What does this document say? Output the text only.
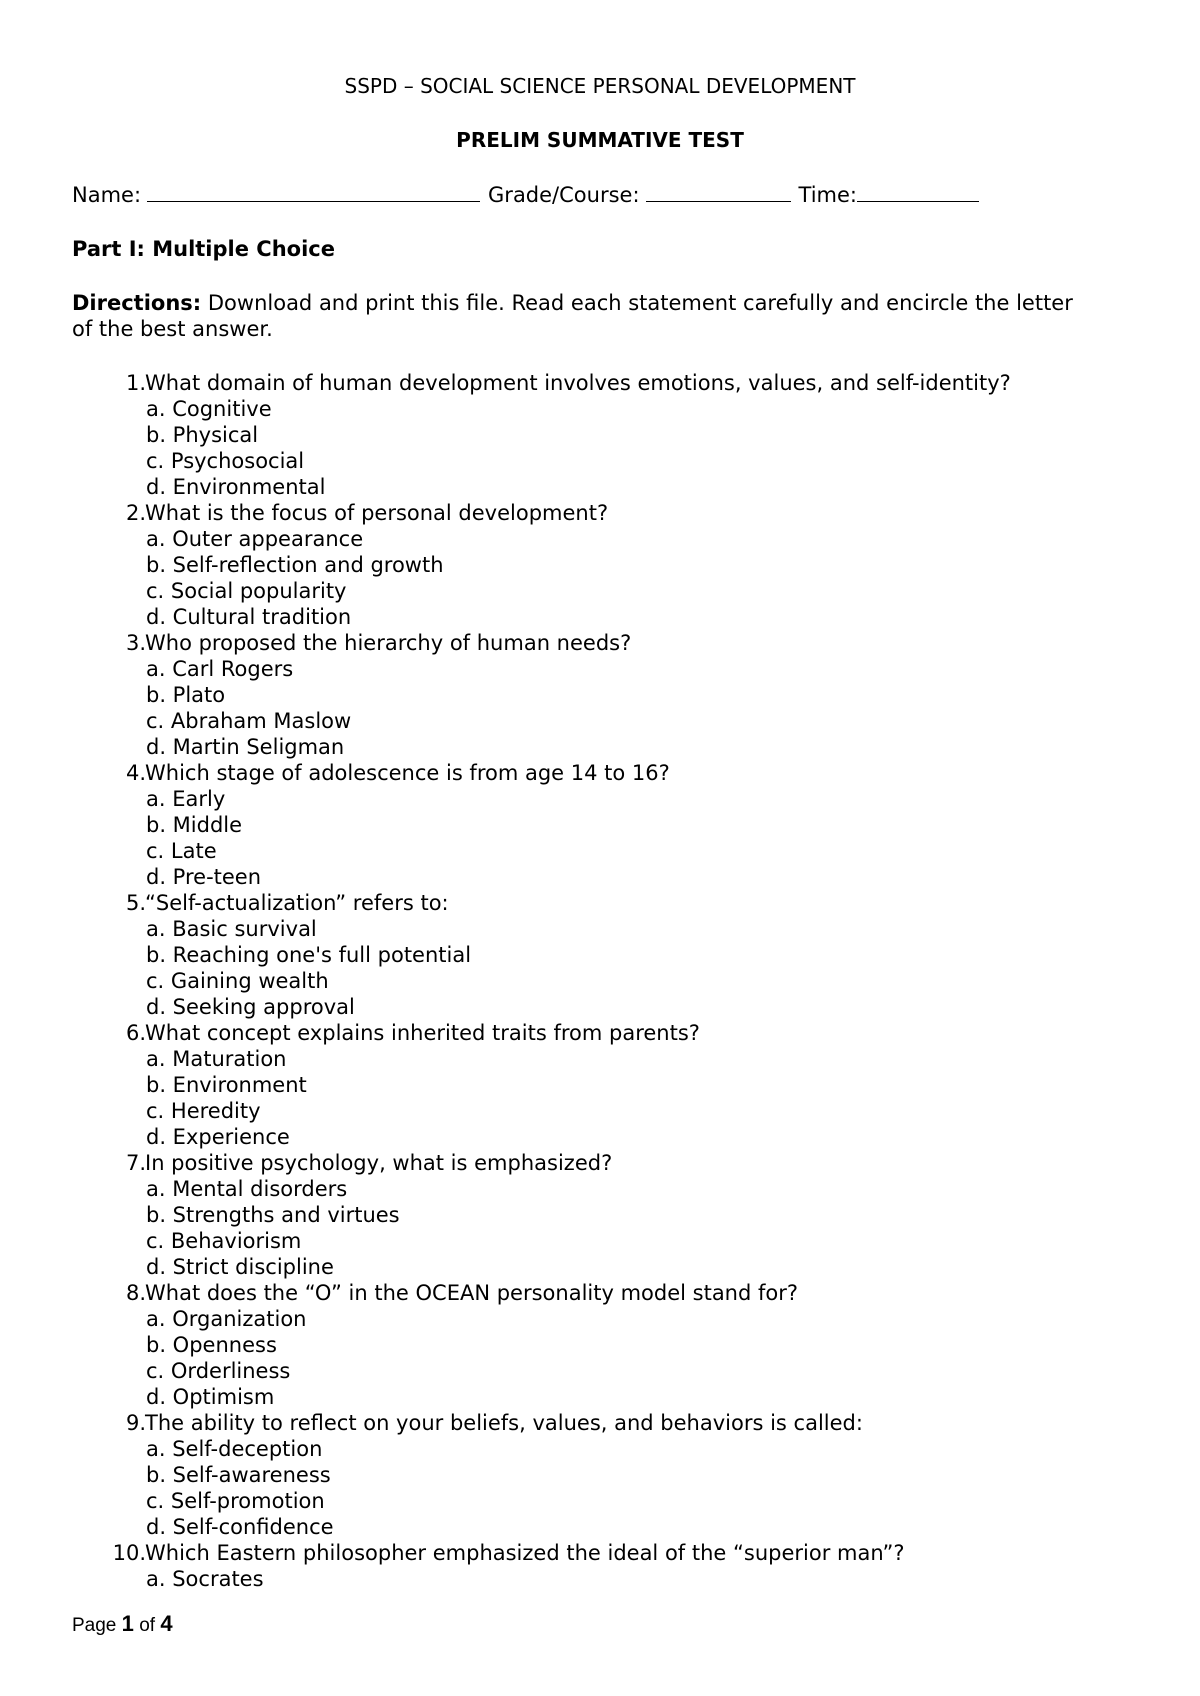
SSPD – SOCIAL SCIENCE PERSONAL DEVELOPMENT
PRELIM SUMMATIVE TEST
Name:	Grade/Course:	Time:
Part I: Multiple Choice
Directions: Download and print this file. Read each statement carefully and encircle the letter of the best answer.
1. What domain of human development involves emotions, values, and self-identity?
a. Cognitive
b. Physical
c. Psychosocial
d. Environmental
2. What is the focus of personal development?
a. Outer appearance
b. Self-reflection and growth
c. Social popularity
d. Cultural tradition
3. Who proposed the hierarchy of human needs?
a. Carl Rogers
b. Plato
c. Abraham Maslow
d. Martin Seligman
4. Which stage of adolescence is from age 14 to 16?
a. Early
b. Middle
c. Late
d. Pre-teen
5. “Self-actualization” refers to:
a. Basic survival
b. Reaching one's full potential
c. Gaining wealth
d. Seeking approval
6. What concept explains inherited traits from parents?
a. Maturation
b. Environment
c. Heredity
d. Experience
7. In positive psychology, what is emphasized?
a. Mental disorders
b. Strengths and virtues
c. Behaviorism
d. Strict discipline
8. What does the “O” in the OCEAN personality model stand for?
a. Organization
b. Openness
c. Orderliness
d. Optimism
9. The ability to reflect on your beliefs, values, and behaviors is called:
a. Self-deception
b. Self-awareness
c. Self-promotion
d. Self-confidence
10. Which Eastern philosopher emphasized the ideal of the “superior man”?
a. Socrates
Page 1 of 4
